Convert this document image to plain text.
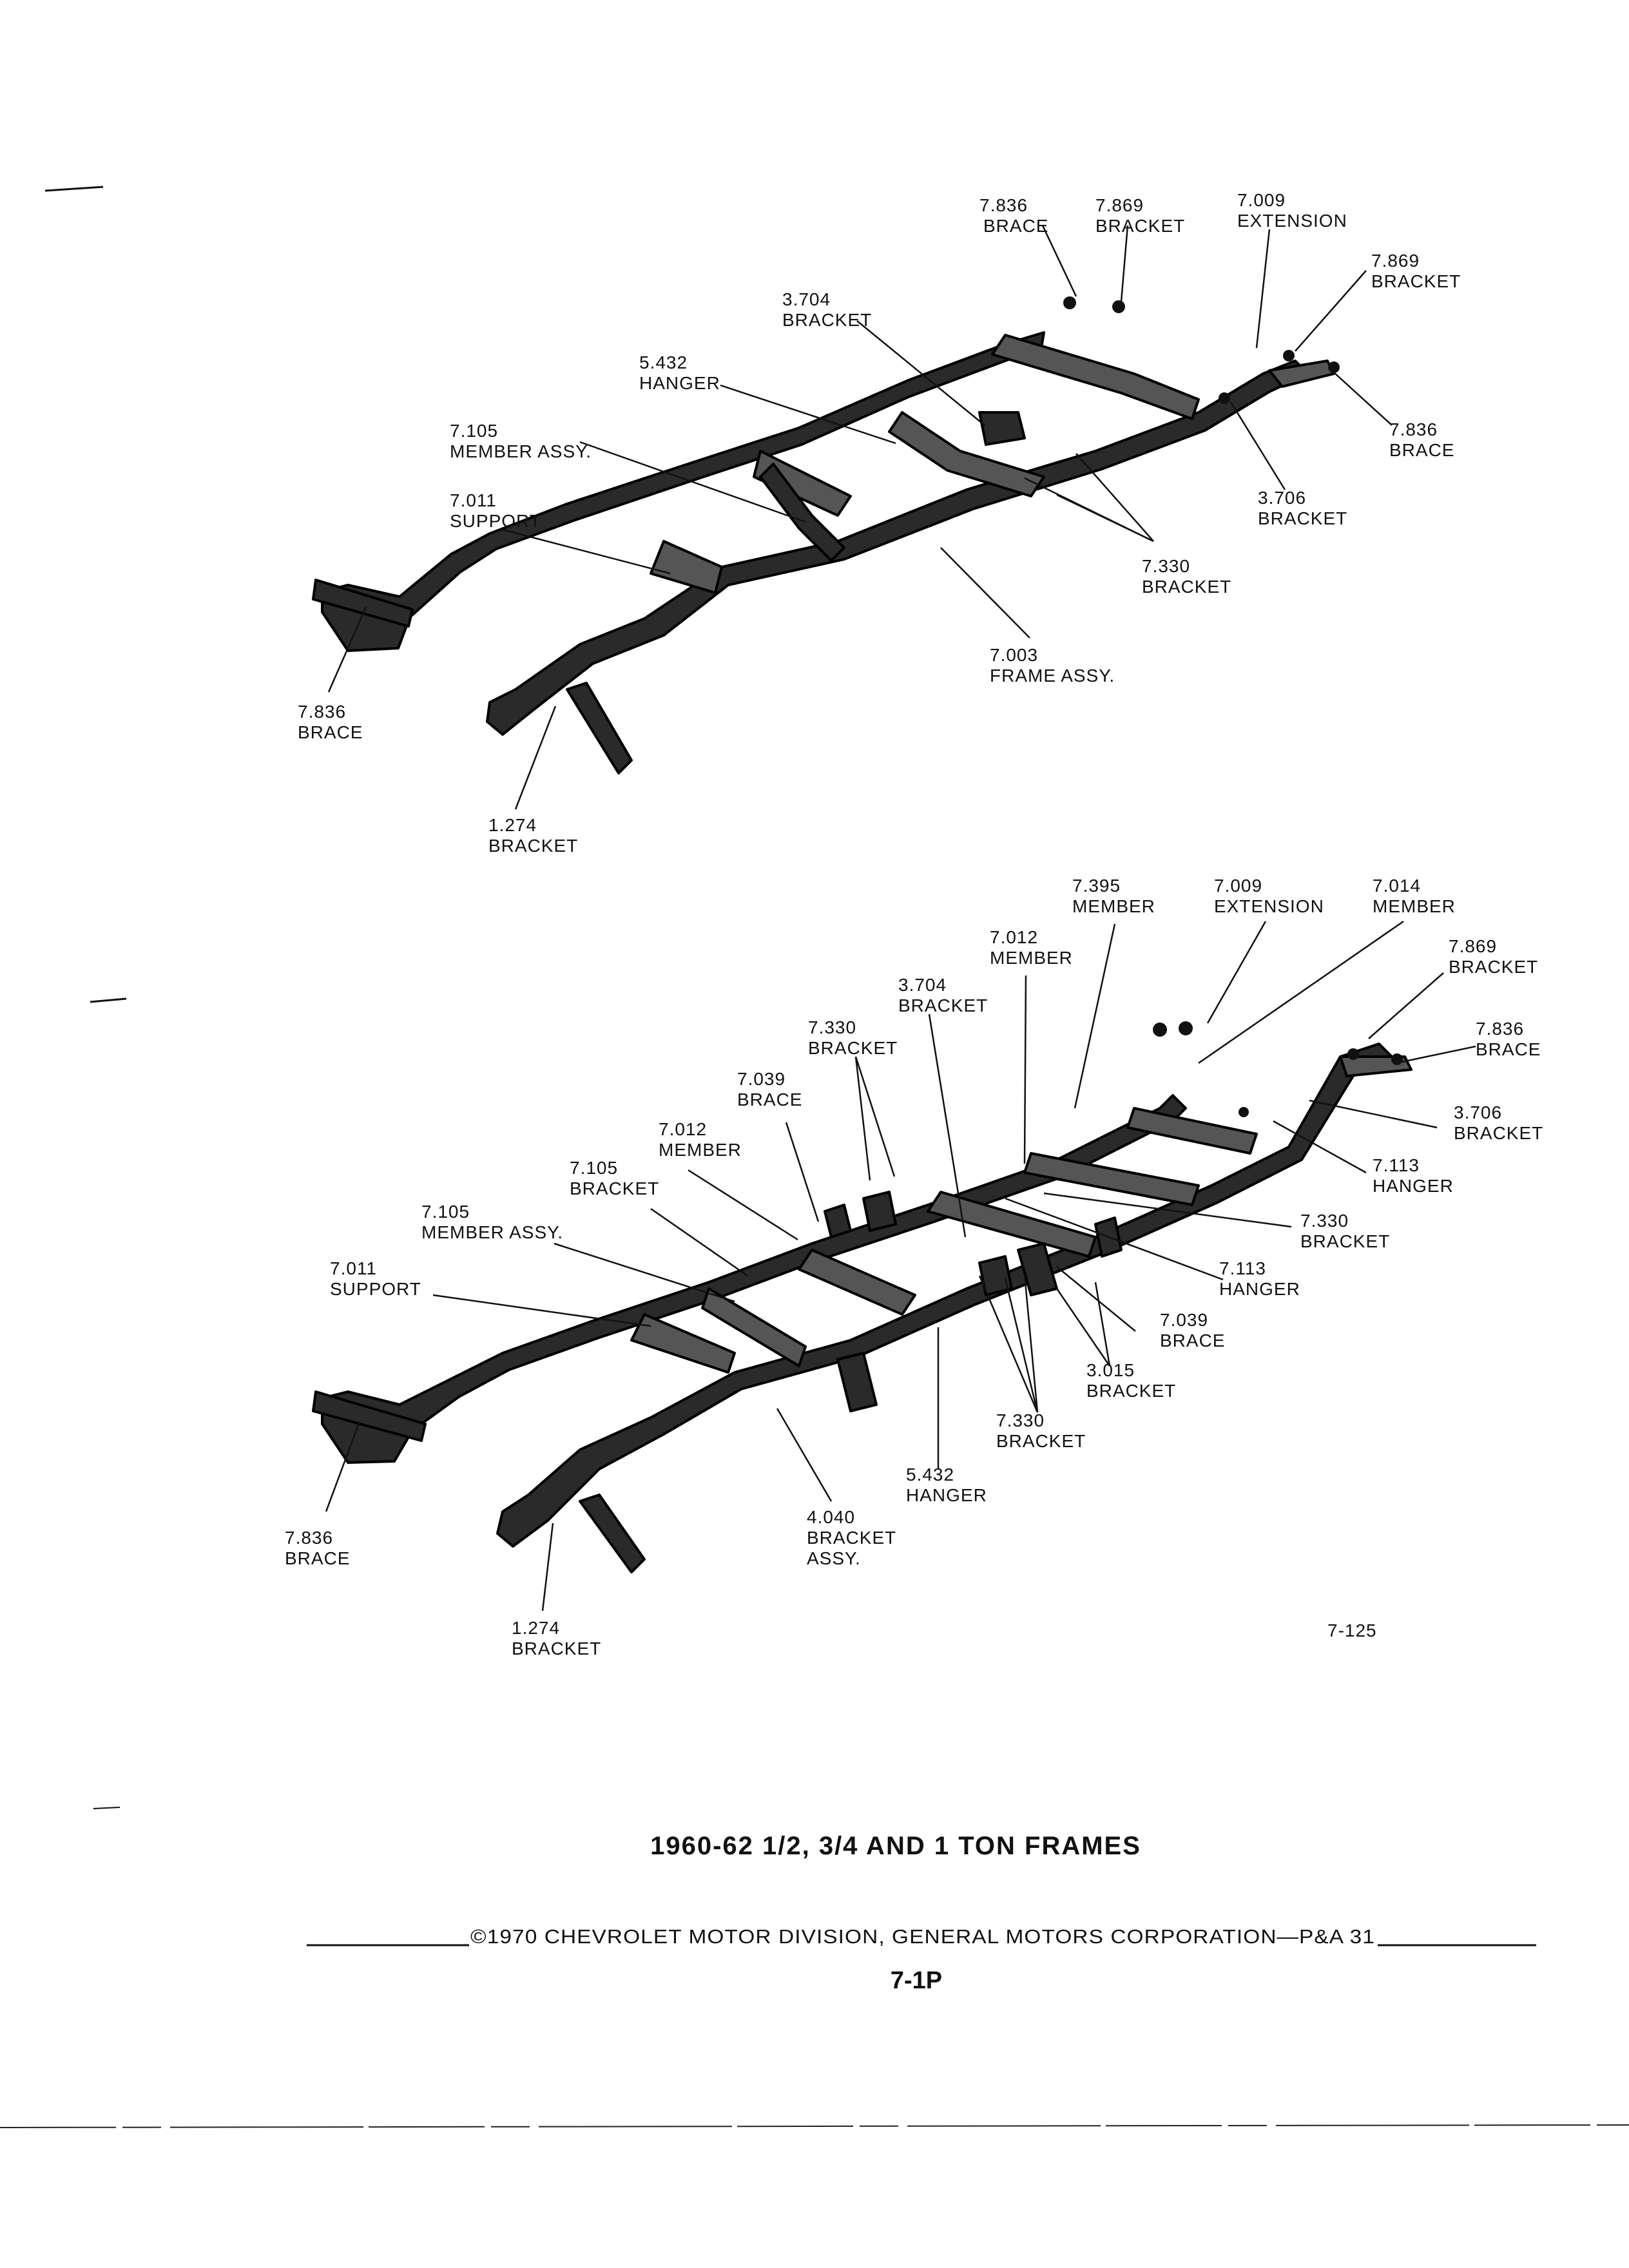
7.836
BRACE
7.869
BRACKET
7.009
EXTENSION
7.869
BRACKET
3.704
BRACKET
5.432
HANGER
7.836
BRACE
7.105
MEMBER ASSY.
3.706
BRACKET
7.011
SUPPORT
7.330
BRACKET
7.003
FRAME ASSY.
7.836
BRACE
1.274
BRACKET
7.395
MEMBER
7.009
EXTENSION
7.014
MEMBER
7.012
MEMBER
7.869
BRACKET
3.704
BRACKET
7.836
BRACE
7.330
BRACKET
3.706
BRACKET
7.039
BRACE
7.012
MEMBER
7.113
HANGER
7.105
BRACKET
7.105
MEMBER ASSY.
7.330
BRACKET
7.011
SUPPORT
7.113
HANGER
7.039
BRACE
3.015
BRACKET
7.330
BRACKET
5.432
HANGER
4.040
BRACKET
ASSY.
7.836
BRACE
1.274
BRACKET
7-125
1960-62 1/2, 3/4 AND 1 TON FRAMES
©1970 CHEVROLET MOTOR DIVISION, GENERAL MOTORS CORPORATION—P&A 31
7-1P
